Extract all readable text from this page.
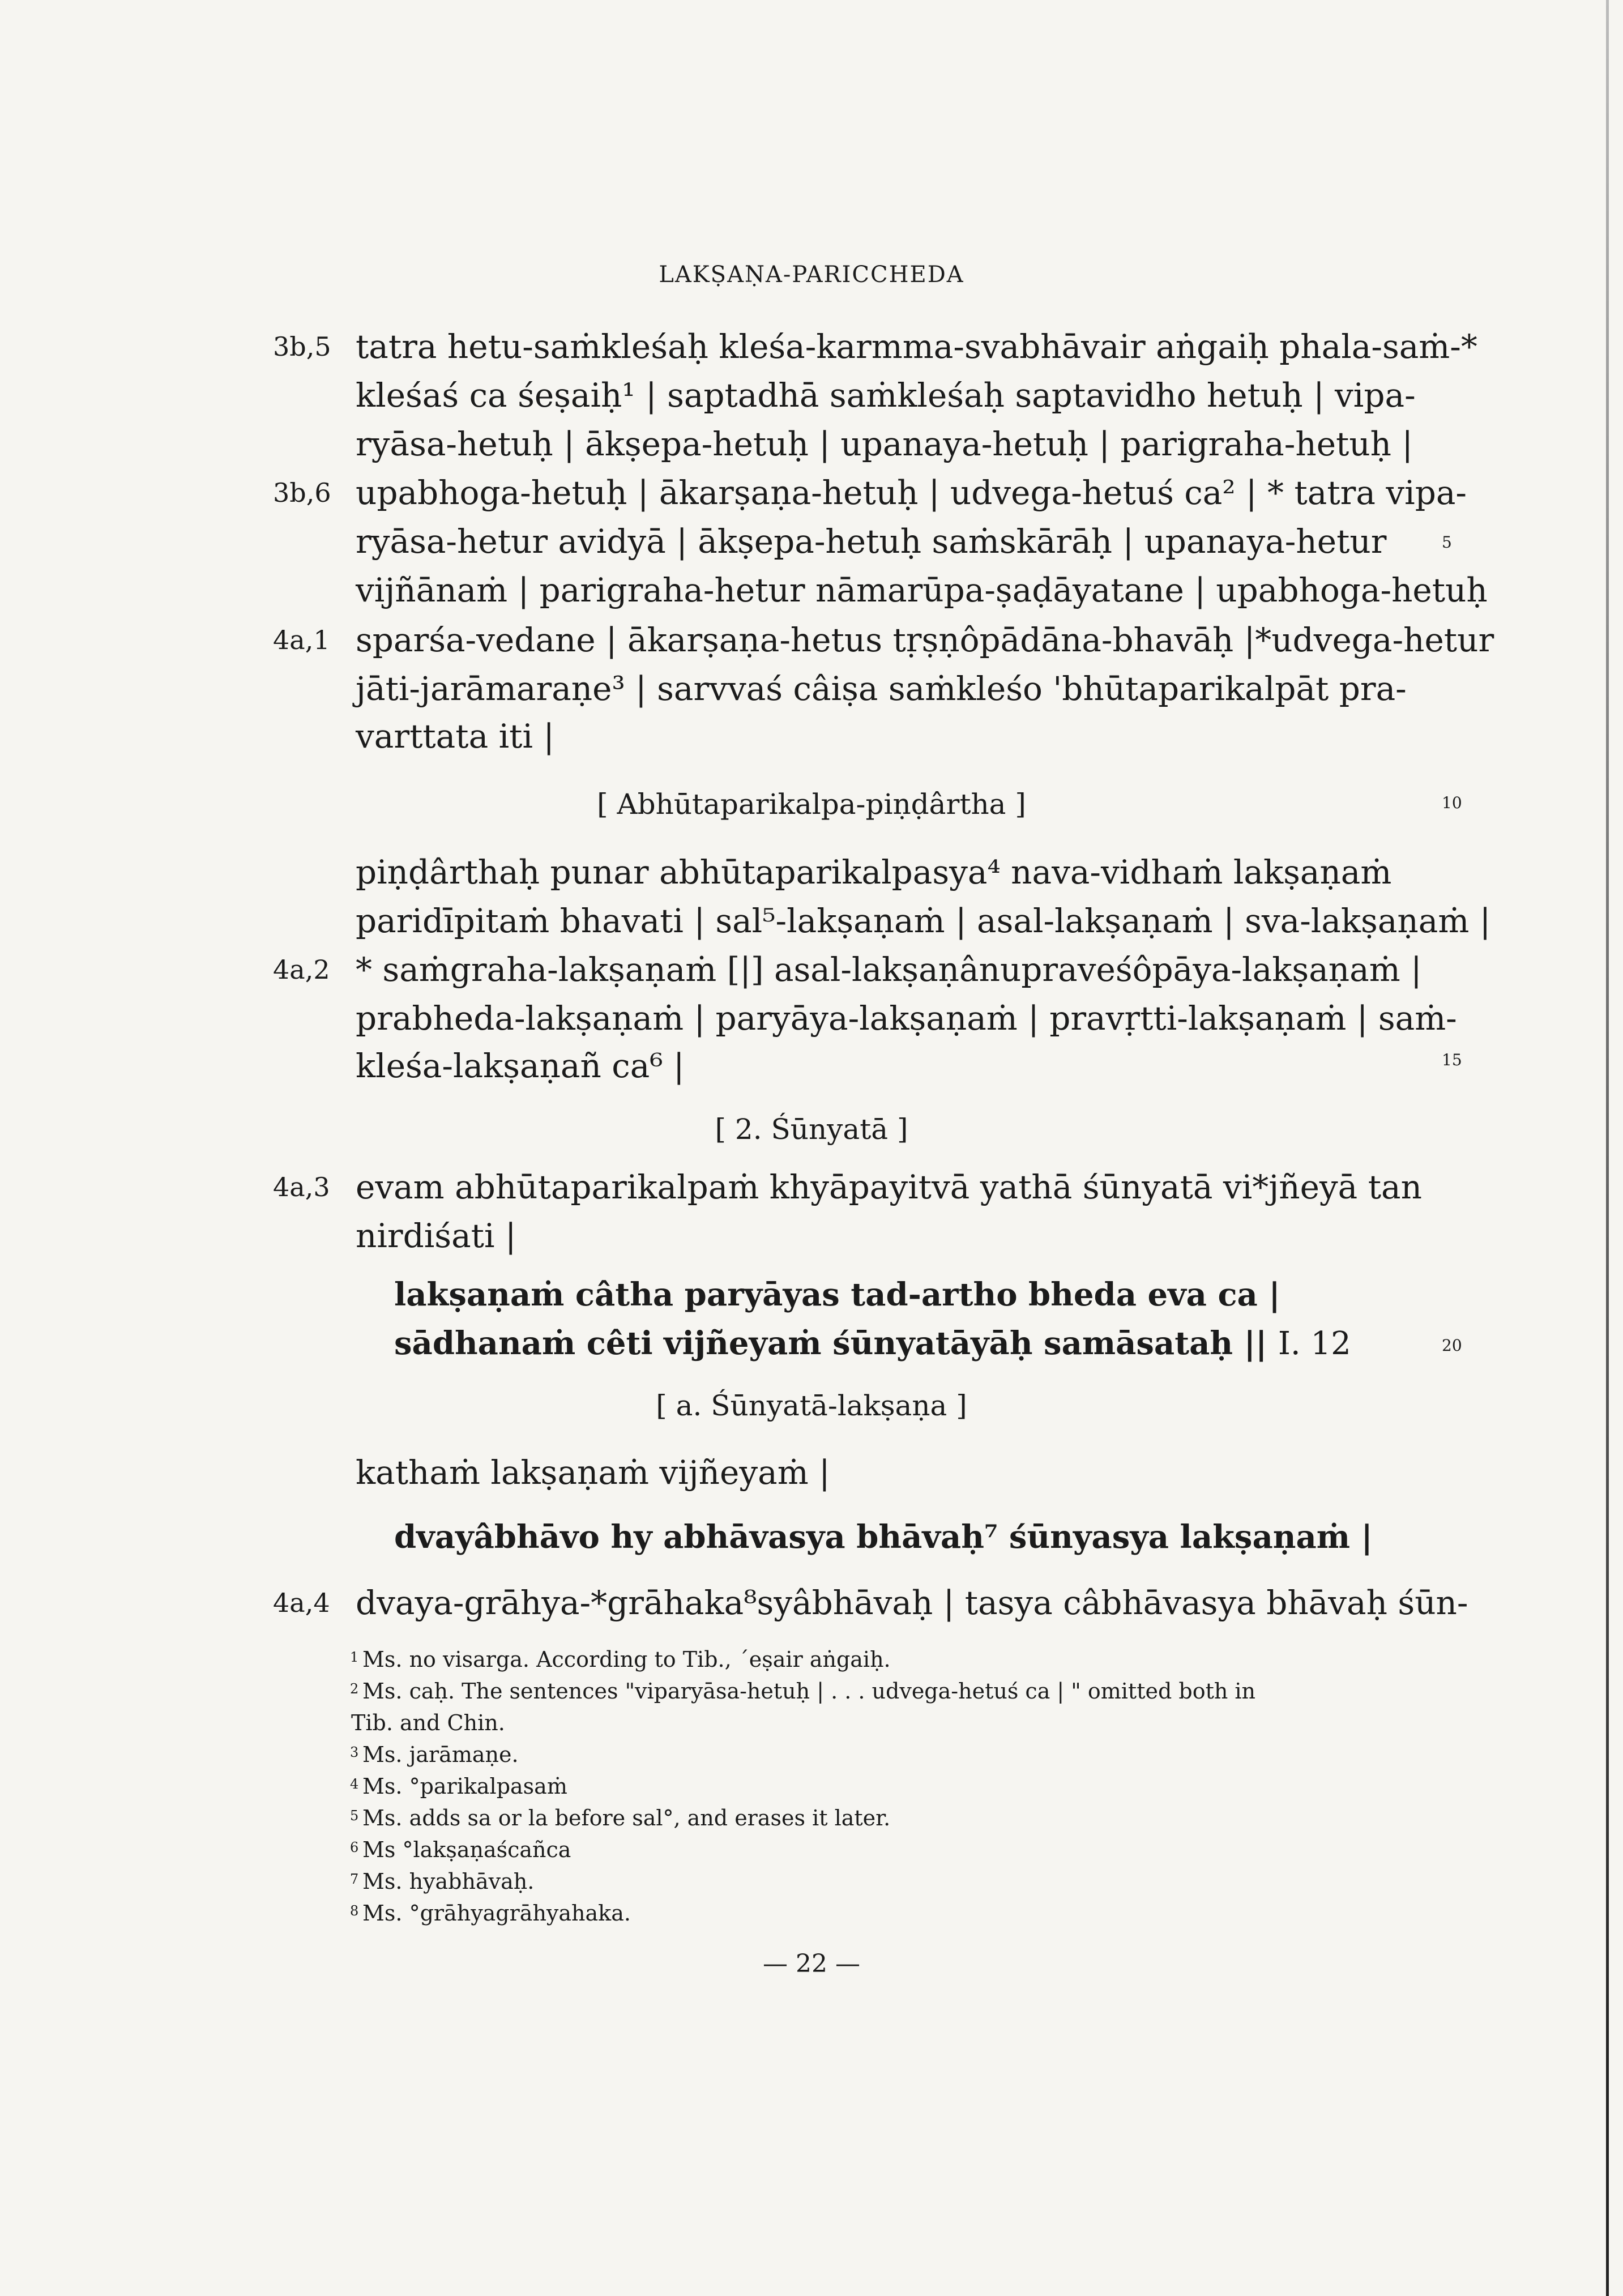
LAKṢAṆA-PARICCHEDA
3b,5
3b,6
4a,1
4a,2
4a,3
4a,4
5
10
15
20
tatra hetu-saṁkleśaḥ kleśa-karmma-svabhāvair aṅgaiḥ phala-saṁ-*
kleśaś ca śeṣaiḥ¹ | saptadhā saṁkleśaḥ saptavidho hetuḥ | vipa-
ryāsa-hetuḥ | ākṣepa-hetuḥ | upanaya-hetuḥ | parigraha-hetuḥ |
upabhoga-hetuḥ | ākarṣaṇa-hetuḥ | udvega-hetuś ca² | * tatra vipa-
ryāsa-hetur avidyā | ākṣepa-hetuḥ saṁskārāḥ | upanaya-hetur
vijñānaṁ | parigraha-hetur nāmarūpa-ṣaḍāyatane | upabhoga-hetuḥ
sparśa-vedane | ākarṣaṇa-hetus tṛṣṇôpādāna-bhavāḥ |*udvega-hetur
jāti-jarāmaraṇe³ | sarvvaś câiṣa saṁkleśo 'bhūtaparikalpāt pra-
varttata iti |
[ Abhūtaparikalpa-piṇḍârtha ]
piṇḍârthaḥ punar abhūtaparikalpasya⁴ nava-vidhaṁ lakṣaṇaṁ
paridīpitaṁ bhavati | sal⁵-lakṣaṇaṁ | asal-lakṣaṇaṁ | sva-lakṣaṇaṁ |
* saṁgraha-lakṣaṇaṁ [|] asal-lakṣaṇânupraveśôpāya-lakṣaṇaṁ |
prabheda-lakṣaṇaṁ | paryāya-lakṣaṇaṁ | pravṛtti-lakṣaṇaṁ | saṁ-
kleśa-lakṣaṇañ ca⁶ |
[ 2. Śūnyatā ]
evam abhūtaparikalpaṁ khyāpayitvā yathā śūnyatā vi*jñeyā tan
nirdiśati |
lakṣaṇaṁ câtha paryāyas tad-artho bheda eva ca |
sādhanaṁ cêti vijñeyaṁ śūnyatāyāḥ samāsataḥ || I. 12
[ a. Śūnyatā-lakṣaṇa ]
kathaṁ lakṣaṇaṁ vijñeyaṁ |
dvayâbhāvo hy abhāvasya bhāvaḥ⁷ śūnyasya lakṣaṇaṁ |
dvaya-grāhya-*grāhaka⁸syâbhāvaḥ | tasya câbhāvasya bhāvaḥ śūn-
1 Ms. no visarga. According to Tib., ˊeṣair aṅgaiḥ.
2 Ms. caḥ. The sentences "viparyāsa-hetuḥ | . . . udvega-hetuś ca | " omitted both in
Tib. and Chin.
3 Ms. jarāmaṇe.
4 Ms. °parikalpasaṁ
5 Ms. adds sa or la before sal°, and erases it later.
6 Ms °lakṣaṇaścañca
7 Ms. hyabhāvaḥ.
8 Ms. °grāhyagrāhyahaka.
— 22 —
